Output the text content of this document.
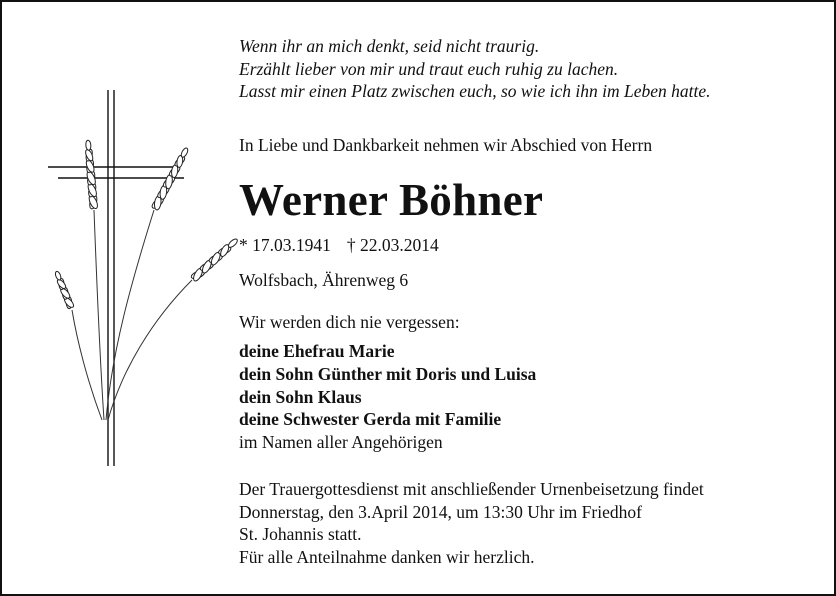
Wenn ihr an mich denkt, seid nicht traurig.
Erzählt lieber von mir und traut euch ruhig zu lachen.
Lasst mir einen Platz zwischen euch, so wie ich ihn im Leben hatte.
In Liebe und Dankbarkeit nehmen wir Abschied von Herrn
Werner Böhner
* 17.03.1941 † 22.03.2014
Wolfsbach, Ährenweg 6
Wir werden dich nie vergessen:
deine Ehefrau Marie
dein Sohn Günther mit Doris und Luisa
dein Sohn Klaus
deine Schwester Gerda mit Familie
im Namen aller Angehörigen
Der Trauergottesdienst mit anschließender Urnenbeisetzung findet
Donnerstag, den 3.April 2014, um 13:30 Uhr im Friedhof
St. Johannis statt.
Für alle Anteilnahme danken wir herzlich.
